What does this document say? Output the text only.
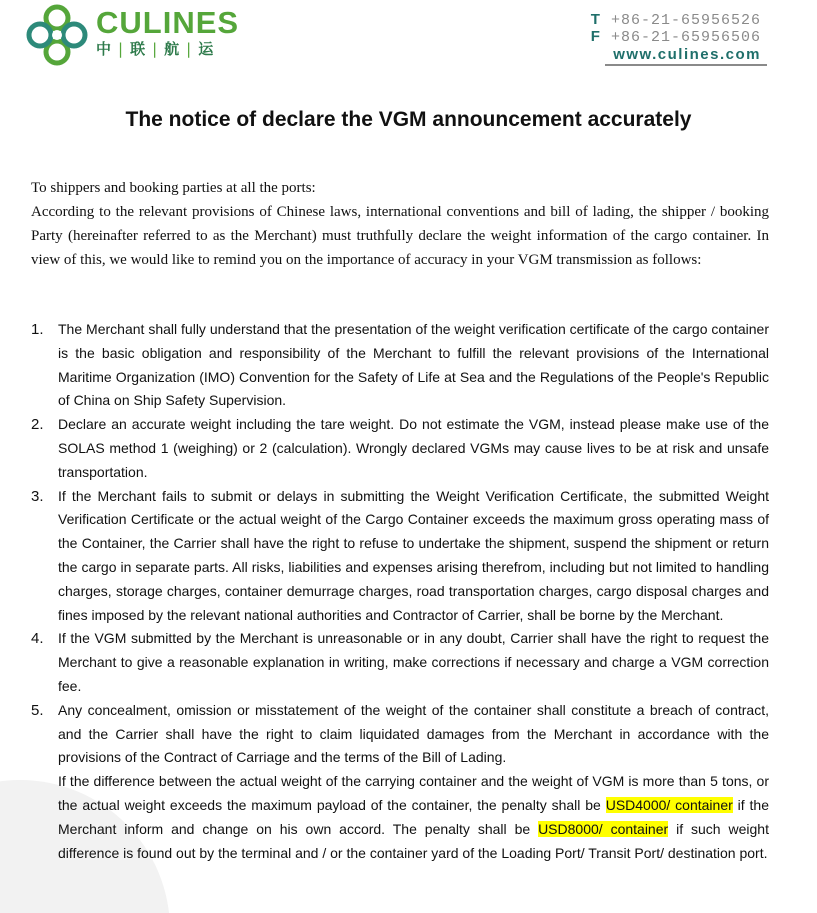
CULINES
中 | 联 | 航 | 运
T +86-21-65956526
F +86-21-65956506
www.culines.com
The notice of declare the VGM announcement accurately

To shippers and booking parties at all the ports:

According to the relevant provisions of Chinese laws, international conventions and bill of lading, the shipper / booking Party (hereinafter referred to as the Merchant) must truthfully declare the weight information of the cargo container. In view of this, we would like to remind you on the importance of accuracy in your VGM transmission as follows:

1. The Merchant shall fully understand that the presentation of the weight verification certificate of the cargo container is the basic obligation and responsibility of the Merchant to fulfill the relevant provisions of the International Maritime Organization (IMO) Convention for the Safety of Life at Sea and the Regulations of the People's Republic of China on Ship Safety Supervision.

2. Declare an accurate weight including the tare weight. Do not estimate the VGM, instead please make use of the SOLAS method 1 (weighing) or 2 (calculation). Wrongly declared VGMs may cause lives to be at risk and unsafe transportation.

3. If the Merchant fails to submit or delays in submitting the Weight Verification Certificate, the submitted Weight Verification Certificate or the actual weight of the Cargo Container exceeds the maximum gross operating mass of the Container, the Carrier shall have the right to refuse to undertake the shipment, suspend the shipment or return the cargo in separate parts. All risks, liabilities and expenses arising therefrom, including but not limited to handling charges, storage charges, container demurrage charges, road transportation charges, cargo disposal charges and fines imposed by the relevant national authorities and Contractor of Carrier, shall be borne by the Merchant.

4. If the VGM submitted by the Merchant is unreasonable or in any doubt, Carrier shall have the right to request the Merchant to give a reasonable explanation in writing, make corrections if necessary and charge a VGM correction fee.

5. Any concealment, omission or misstatement of the weight of the container shall constitute a breach of contract, and the Carrier shall have the right to claim liquidated damages from the Merchant in accordance with the provisions of the Contract of Carriage and the terms of the Bill of Lading.

If the difference between the actual weight of the carrying container and the weight of VGM is more than 5 tons, or the actual weight exceeds the maximum payload of the container, the penalty shall be USD4000/ container if the Merchant inform and change on his own accord. The penalty shall be USD8000/ container if such weight difference is found out by the terminal and / or the container yard of the Loading Port/ Transit Port/ destination port.
